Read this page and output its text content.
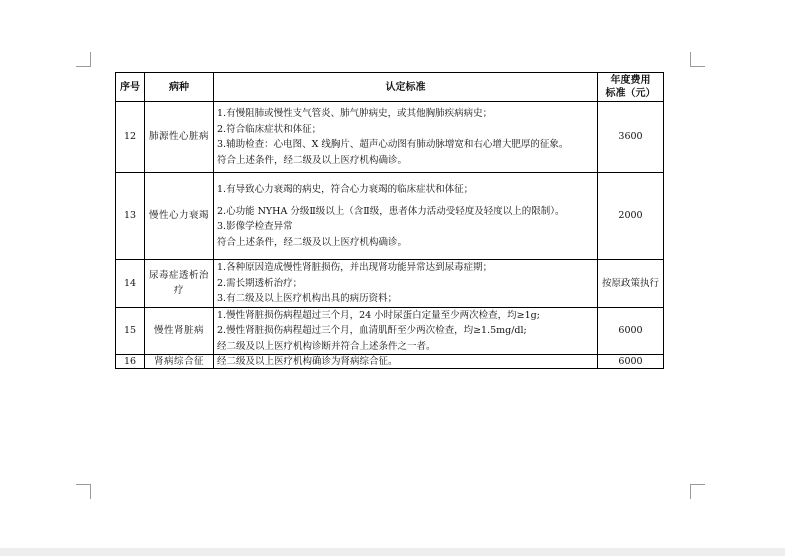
序号	病种	认定标准	年度费用
标准（元）

12	肺源性心脏病	1.有慢阻肺或慢性支气管炎、肺气肿病史，或其他胸肺疾病病史；
2.符合临床症状和体征；
3.辅助检查：心电图、X 线胸片、超声心动图有肺动脉增宽和右心增大肥厚的征象。
符合上述条件，经二级及以上医疗机构确诊。	3600
13	慢性心力衰竭	1.有导致心力衰竭的病史，符合心力衰竭的临床症状和体征；
2.心功能 NYHA 分级Ⅱ级以上（含Ⅱ级，患者体力活动受轻度及轻度以上的限制）。
3.影像学检查异常
符合上述条件，经二级及以上医疗机构确诊。	2000
14	尿毒症透析治疗	1.各种原因造成慢性肾脏损伤，并出现肾功能异常达到尿毒症期；
2.需长期透析治疗；
3.有二级及以上医疗机构出具的病历资料；	按原政策执行
15	慢性肾脏病	1.慢性肾脏损伤病程超过三个月，24 小时尿蛋白定量至少两次检查，均≥1g;
2.慢性肾脏损伤病程超过三个月，血清肌酐至少两次检查，均≥1.5mg/dl;
经二级及以上医疗机构诊断并符合上述条件之一者。	6000
16	肾病综合征	经二级及以上医疗机构确诊为肾病综合征。	6000
